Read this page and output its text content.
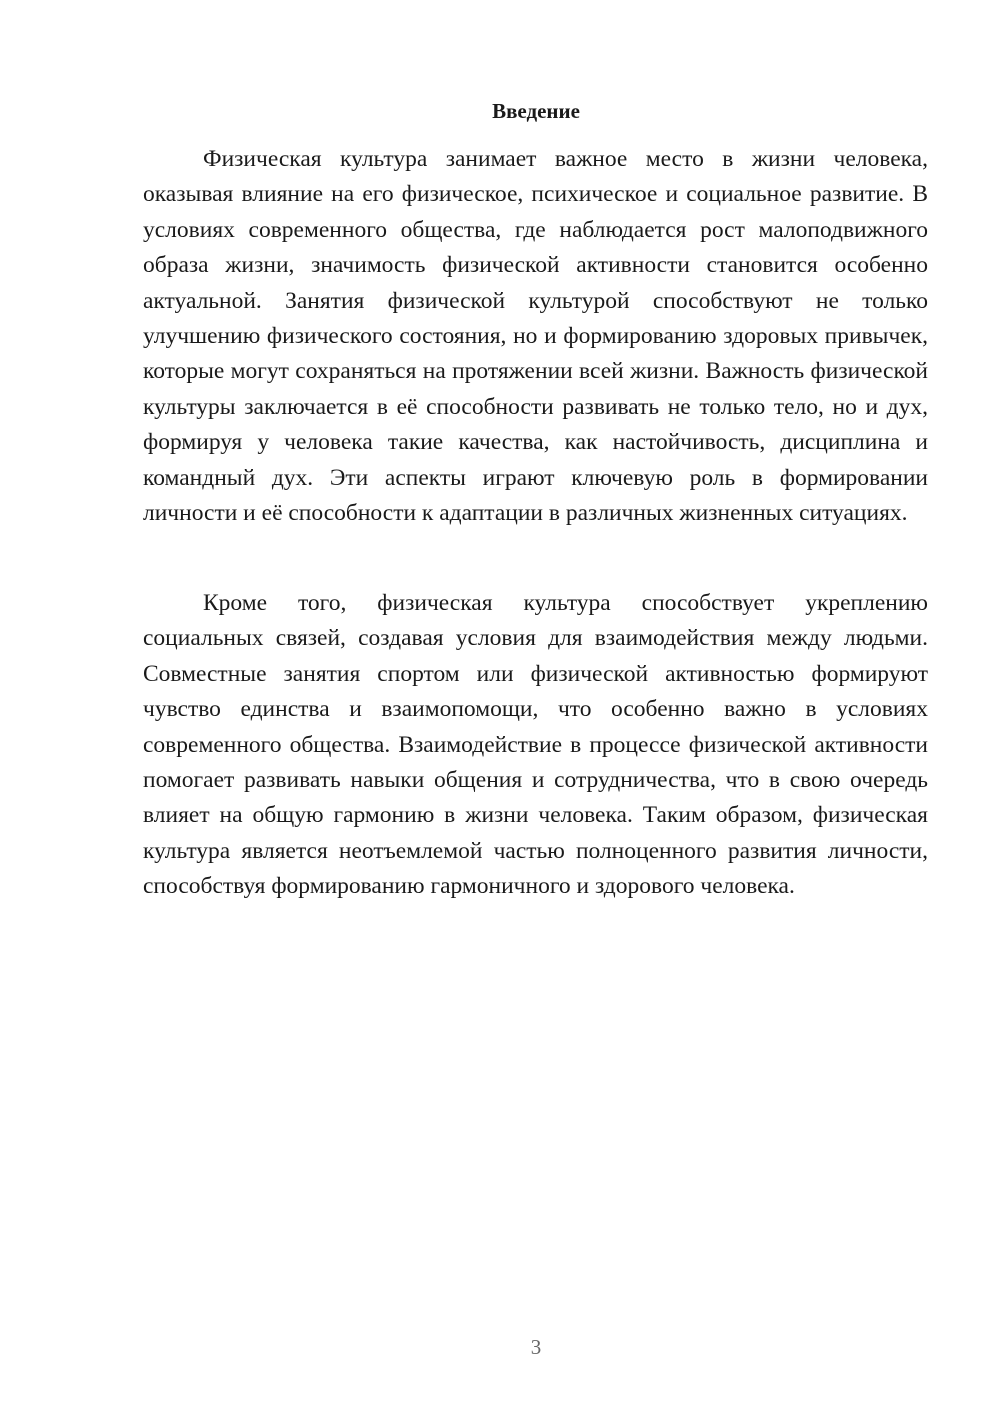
Введение

Физическая культура занимает важное место в жизни человека, оказывая влияние на его физическое, психическое и социальное развитие. В условиях современного общества, где наблюдается рост малоподвижного образа жизни, значимость физической активности становится особенно актуальной. Занятия физической культурой способствуют не только улучшению физического состояния, но и формированию здоровых привычек, которые могут сохраняться на протяжении всей жизни. Важность физической культуры заключается в её способности развивать не только тело, но и дух, формируя у человека такие качества, как настойчивость, дисциплина и командный дух. Эти аспекты играют ключевую роль в формировании личности и её способности к адаптации в различных жизненных ситуациях.

Кроме того, физическая культура способствует укреплению социальных связей, создавая условия для взаимодействия между людьми. Совместные занятия спортом или физической активностью формируют чувство единства и взаимопомощи, что особенно важно в условиях современного общества. Взаимодействие в процессе физической активности помогает развивать навыки общения и сотрудничества, что в свою очередь влияет на общую гармонию в жизни человека. Таким образом, физическая культура является неотъемлемой частью полноценного развития личности, способствуя формированию гармоничного и здорового человека.

3
